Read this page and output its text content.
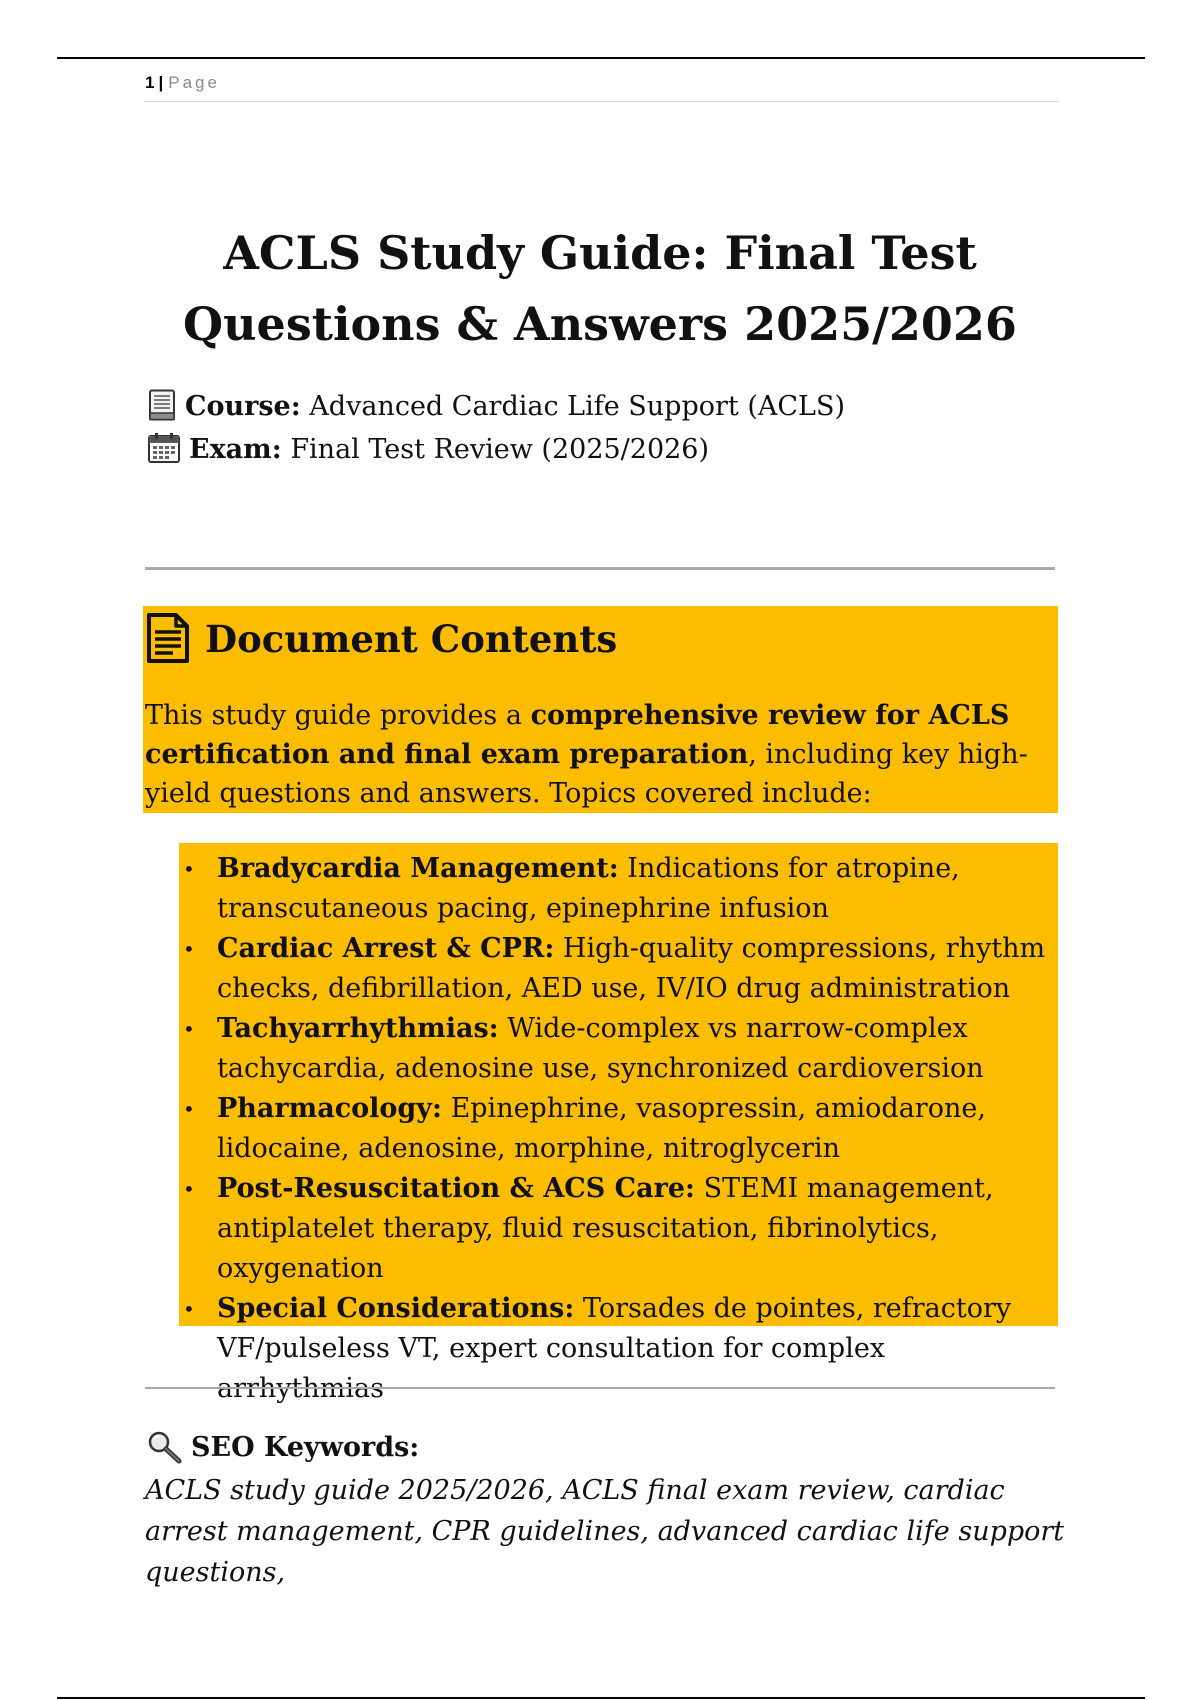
1 | Page
ACLS Study Guide: Final Test Questions & Answers 2025/2026
Course: Advanced Cardiac Life Support (ACLS)
Exam: Final Test Review (2025/2026)
Document Contents

This study guide provides a comprehensive review for ACLS certification and final exam preparation, including key high-yield questions and answers. Topics covered include:

• Bradycardia Management: Indications for atropine, transcutaneous pacing, epinephrine infusion
• Cardiac Arrest & CPR: High-quality compressions, rhythm checks, defibrillation, AED use, IV/IO drug administration
• Tachyarrhythmias: Wide-complex vs narrow-complex tachycardia, adenosine use, synchronized cardioversion
• Pharmacology: Epinephrine, vasopressin, amiodarone, lidocaine, adenosine, morphine, nitroglycerin
• Post-Resuscitation & ACS Care: STEMI management, antiplatelet therapy, fluid resuscitation, fibrinolytics, oxygenation
• Special Considerations: Torsades de pointes, refractory VF/pulseless VT, expert consultation for complex arrhythmias
SEO Keywords:

ACLS study guide 2025/2026, ACLS final exam review, cardiac arrest management, CPR guidelines, advanced cardiac life support questions,
